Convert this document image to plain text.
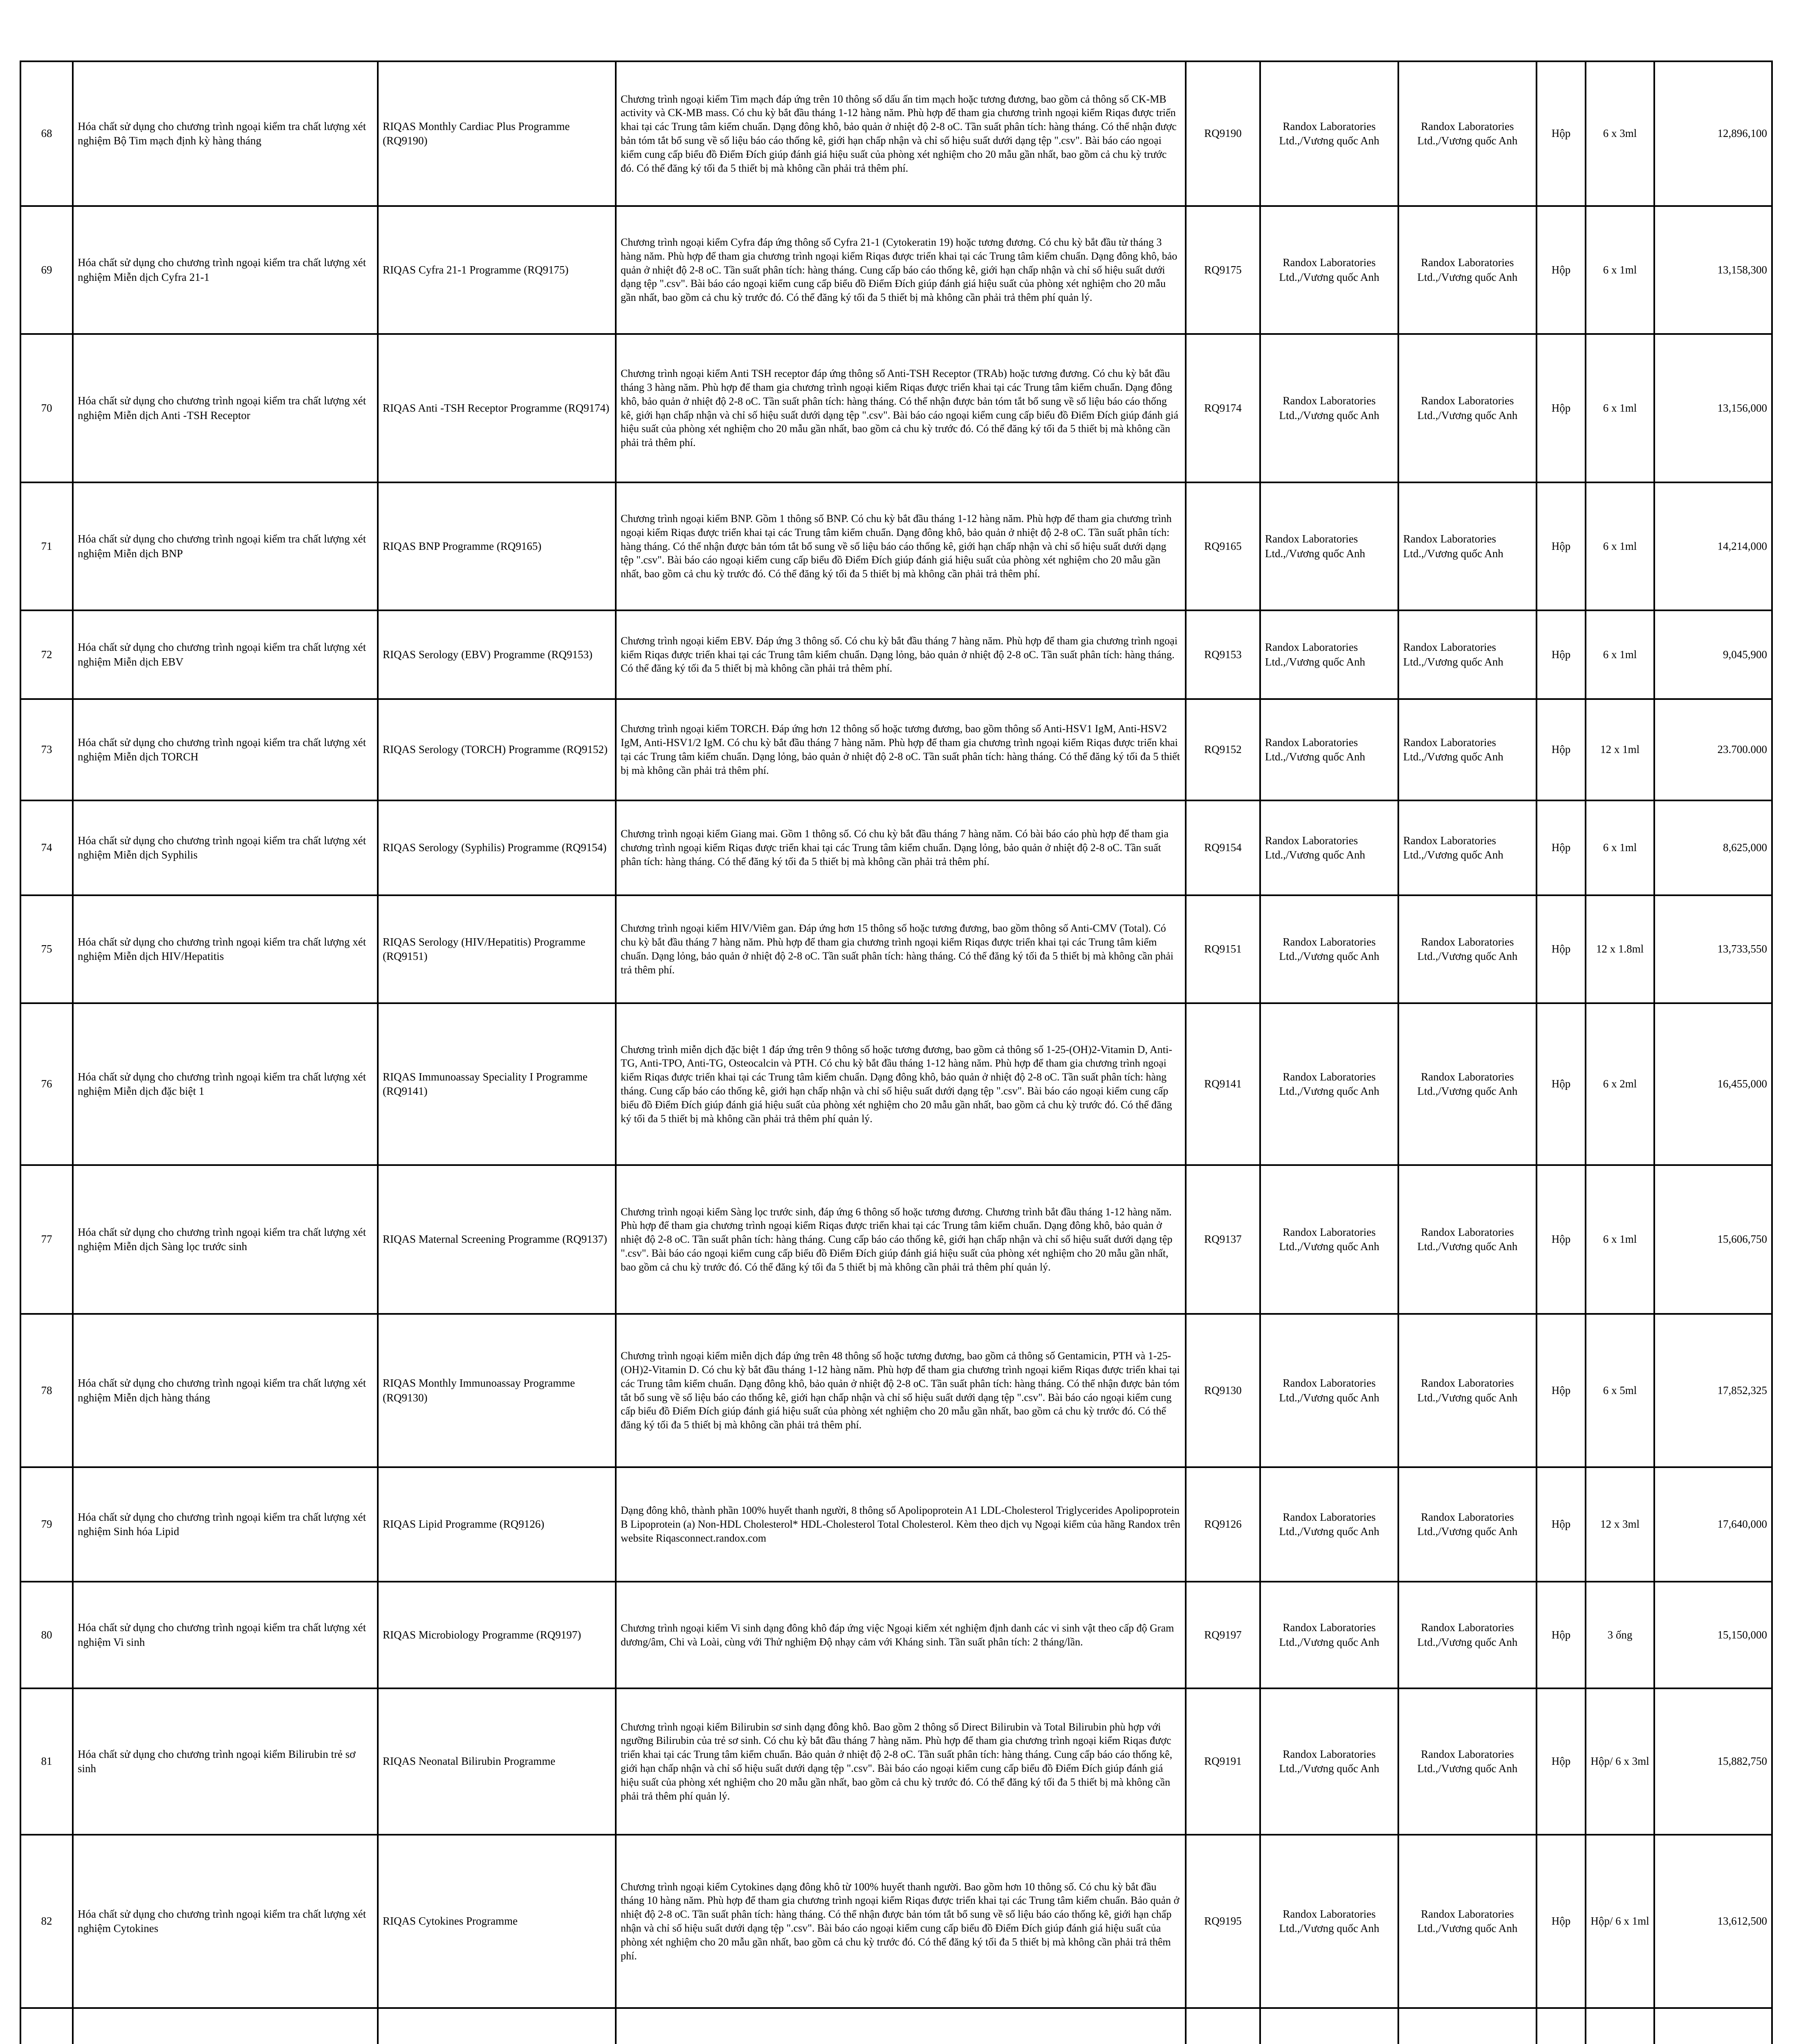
68	Hóa chất sử dụng cho chương trình ngoại kiểm tra chất lượng xét nghiệm Bộ Tim mạch định kỳ hàng tháng	RIQAS Monthly Cardiac Plus Programme (RQ9190)	Chương trình ngoại kiểm Tim mạch đáp ứng trên 10 thông số dấu ấn tim mạch hoặc tương đương, bao gồm cả thông số CK-MB activity và CK-MB mass. Có chu kỳ bắt đầu tháng 1-12 hàng năm. Phù hợp để tham gia chương trình ngoại kiểm Riqas được triển khai tại các Trung tâm kiểm chuẩn. Dạng đông khô, bảo quản ở nhiệt độ 2-8 oC. Tần suất phân tích: hàng tháng. Có thể nhận được bản tóm tắt bổ sung về số liệu báo cáo thống kê, giới hạn chấp nhận và chỉ số hiệu suất dưới dạng tệp ".csv". Bài báo cáo ngoại kiểm cung cấp biểu đồ Điểm Đích giúp đánh giá hiệu suất của phòng xét nghiệm cho 20 mẫu gần nhất, bao gồm cả chu kỳ trước đó. Có thể đăng ký tối đa 5 thiết bị mà không cần phải trả thêm phí.	RQ9190	Randox Laboratories Ltd.,/Vương quốc Anh	Randox Laboratories Ltd.,/Vương quốc Anh	Hộp	6 x 3ml	12,896,100
69	Hóa chất sử dụng cho chương trình ngoại kiểm tra chất lượng xét nghiệm Miễn dịch Cyfra 21-1	RIQAS Cyfra 21-1 Programme (RQ9175)	Chương trình ngoại kiểm Cyfra đáp ứng thông số Cyfra 21-1 (Cytokeratin 19) hoặc tương đương. Có chu kỳ bắt đầu từ tháng 3 hàng năm. Phù hợp để tham gia chương trình ngoại kiểm Riqas được triển khai tại các Trung tâm kiểm chuẩn. Dạng đông khô, bảo quản ở nhiệt độ 2-8 oC. Tần suất phân tích: hàng tháng. Cung cấp báo cáo thống kê, giới hạn chấp nhận và chỉ số hiệu suất dưới dạng tệp ".csv". Bài báo cáo ngoại kiểm cung cấp biểu đồ Điểm Đích giúp đánh giá hiệu suất của phòng xét nghiệm cho 20 mẫu gần nhất, bao gồm cả chu kỳ trước đó. Có thể đăng ký tối đa 5 thiết bị mà không cần phải trả thêm phí quản lý.	RQ9175	Randox Laboratories Ltd.,/Vương quốc Anh	Randox Laboratories Ltd.,/Vương quốc Anh	Hộp	6 x 1ml	13,158,300
70	Hóa chất sử dụng cho chương trình ngoại kiểm tra chất lượng xét nghiệm Miễn dịch Anti -TSH Receptor	RIQAS Anti -TSH Receptor Programme (RQ9174)	Chương trình ngoại kiểm Anti TSH receptor đáp ứng thông số Anti-TSH Receptor (TRAb) hoặc tương đương. Có chu kỳ bắt đầu tháng 3 hàng năm. Phù hợp để tham gia chương trình ngoại kiểm Riqas được triển khai tại các Trung tâm kiểm chuẩn. Dạng đông khô, bảo quản ở nhiệt độ 2-8 oC. Tần suất phân tích: hàng tháng. Có thể nhận được bản tóm tắt bổ sung về số liệu báo cáo thống kê, giới hạn chấp nhận và chỉ số hiệu suất dưới dạng tệp ".csv". Bài báo cáo ngoại kiểm cung cấp biểu đồ Điểm Đích giúp đánh giá hiệu suất của phòng xét nghiệm cho 20 mẫu gần nhất, bao gồm cả chu kỳ trước đó. Có thể đăng ký tối đa 5 thiết bị mà không cần phải trả thêm phí.	RQ9174	Randox Laboratories Ltd.,/Vương quốc Anh	Randox Laboratories Ltd.,/Vương quốc Anh	Hộp	6 x 1ml	13,156,000
71	Hóa chất sử dụng cho chương trình ngoại kiểm tra chất lượng xét nghiệm Miễn dịch BNP	RIQAS BNP Programme (RQ9165)	Chương trình ngoại kiểm BNP. Gồm 1 thông số BNP. Có chu kỳ bắt đầu tháng 1-12 hàng năm. Phù hợp để tham gia chương trình ngoại kiểm Riqas được triển khai tại các Trung tâm kiểm chuẩn. Dạng đông khô, bảo quản ở nhiệt độ 2-8 oC. Tần suất phân tích: hàng tháng. Có thể nhận được bản tóm tắt bổ sung về số liệu báo cáo thống kê, giới hạn chấp nhận và chỉ số hiệu suất dưới dạng tệp ".csv". Bài báo cáo ngoại kiểm cung cấp biểu đồ Điểm Đích giúp đánh giá hiệu suất của phòng xét nghiệm cho 20 mẫu gần nhất, bao gồm cả chu kỳ trước đó. Có thể đăng ký tối đa 5 thiết bị mà không cần phải trả thêm phí.	RQ9165	Randox Laboratories Ltd.,/Vương quốc Anh	Randox Laboratories Ltd.,/Vương quốc Anh	Hộp	6 x 1ml	14,214,000
72	Hóa chất sử dụng cho chương trình ngoại kiểm tra chất lượng xét nghiệm Miễn dịch EBV	RIQAS Serology (EBV) Programme (RQ9153)	Chương trình ngoại kiểm EBV. Đáp ứng 3 thông số. Có chu kỳ bắt đầu tháng 7 hàng năm. Phù hợp để tham gia chương trình ngoại kiểm Riqas được triển khai tại các Trung tâm kiểm chuẩn. Dạng lỏng, bảo quản ở nhiệt độ 2-8 oC. Tần suất phân tích: hàng tháng. Có thể đăng ký tối đa 5 thiết bị mà không cần phải trả thêm phí.	RQ9153	Randox Laboratories Ltd.,/Vương quốc Anh	Randox Laboratories Ltd.,/Vương quốc Anh	Hộp	6 x 1ml	9,045,900
73	Hóa chất sử dụng cho chương trình ngoại kiểm tra chất lượng xét nghiệm Miễn dịch TORCH	RIQAS Serology (TORCH) Programme (RQ9152)	Chương trình ngoại kiểm TORCH. Đáp ứng hơn 12 thông số hoặc tương đương, bao gồm thông số Anti-HSV1 IgM, Anti-HSV2 IgM, Anti-HSV1/2 IgM. Có chu kỳ bắt đầu tháng 7 hàng năm. Phù hợp để tham gia chương trình ngoại kiểm Riqas được triển khai tại các Trung tâm kiểm chuẩn. Dạng lỏng, bảo quản ở nhiệt độ 2-8 oC. Tần suất phân tích: hàng tháng. Có thể đăng ký tối đa 5 thiết bị mà không cần phải trả thêm phí.	RQ9152	Randox Laboratories Ltd.,/Vương quốc Anh	Randox Laboratories Ltd.,/Vương quốc Anh	Hộp	12 x 1ml	23.700.000
74	Hóa chất sử dụng cho chương trình ngoại kiểm tra chất lượng xét nghiệm Miễn dịch Syphilis	RIQAS Serology (Syphilis) Programme (RQ9154)	Chương trình ngoại kiểm Giang mai. Gồm 1 thông số. Có chu kỳ bắt đầu tháng 7 hàng năm. Có bài báo cáo phù hợp để tham gia chương trình ngoại kiểm Riqas được triển khai tại các Trung tâm kiểm chuẩn. Dạng lỏng, bảo quản ở nhiệt độ 2-8 oC. Tần suất phân tích: hàng tháng. Có thể đăng ký tối đa 5 thiết bị mà không cần phải trả thêm phí.	RQ9154	Randox Laboratories Ltd.,/Vương quốc Anh	Randox Laboratories Ltd.,/Vương quốc Anh	Hộp	6 x 1ml	8,625,000
75	Hóa chất sử dụng cho chương trình ngoại kiểm tra chất lượng xét nghiệm Miễn dịch HIV/Hepatitis	RIQAS Serology (HIV/Hepatitis) Programme (RQ9151)	Chương trình ngoại kiểm HIV/Viêm gan. Đáp ứng hơn 15 thông số hoặc tương đương, bao gồm thông số Anti-CMV (Total). Có chu kỳ bắt đầu tháng 7 hàng năm. Phù hợp để tham gia chương trình ngoại kiểm Riqas được triển khai tại các Trung tâm kiểm chuẩn. Dạng lỏng, bảo quản ở nhiệt độ 2-8 oC. Tần suất phân tích: hàng tháng. Có thể đăng ký tối đa 5 thiết bị mà không cần phải trả thêm phí.	RQ9151	Randox Laboratories Ltd.,/Vương quốc Anh	Randox Laboratories Ltd.,/Vương quốc Anh	Hộp	12 x 1.8ml	13,733,550
76	Hóa chất sử dụng cho chương trình ngoại kiểm tra chất lượng xét nghiệm Miễn dịch đặc biệt 1	RIQAS Immunoassay Speciality I Programme (RQ9141)	Chương trình miễn dịch đặc biệt 1 đáp ứng trên 9 thông số hoặc tương đương, bao gồm cả thông số 1-25-(OH)2-Vitamin D, Anti-TG, Anti-TPO, Anti-TG, Osteocalcin và PTH. Có chu kỳ bắt đầu tháng 1-12 hàng năm. Phù hợp để tham gia chương trình ngoại kiểm Riqas được triển khai tại các Trung tâm kiểm chuẩn. Dạng đông khô, bảo quản ở nhiệt độ 2-8 oC. Tần suất phân tích: hàng tháng. Cung cấp báo cáo thống kê, giới hạn chấp nhận và chỉ số hiệu suất dưới dạng tệp ".csv". Bài báo cáo ngoại kiểm cung cấp biểu đồ Điểm Đích giúp đánh giá hiệu suất của phòng xét nghiệm cho 20 mẫu gần nhất, bao gồm cả chu kỳ trước đó. Có thể đăng ký tối đa 5 thiết bị mà không cần phải trả thêm phí quản lý.	RQ9141	Randox Laboratories Ltd.,/Vương quốc Anh	Randox Laboratories Ltd.,/Vương quốc Anh	Hộp	6 x 2ml	16,455,000
77	Hóa chất sử dụng cho chương trình ngoại kiểm tra chất lượng xét nghiệm Miễn dịch Sàng lọc trước sinh	RIQAS Maternal Screening Programme (RQ9137)	Chương trình ngoại kiểm Sàng lọc trước sinh, đáp ứng 6 thông số hoặc tương đương. Chương trình bắt đầu tháng 1-12 hàng năm. Phù hợp để tham gia chương trình ngoại kiểm Riqas được triển khai tại các Trung tâm kiểm chuẩn. Dạng đông khô, bảo quản ở nhiệt độ 2-8 oC. Tần suất phân tích: hàng tháng. Cung cấp báo cáo thống kê, giới hạn chấp nhận và chỉ số hiệu suất dưới dạng tệp ".csv". Bài báo cáo ngoại kiểm cung cấp biểu đồ Điểm Đích giúp đánh giá hiệu suất của phòng xét nghiệm cho 20 mẫu gần nhất, bao gồm cả chu kỳ trước đó. Có thể đăng ký tối đa 5 thiết bị mà không cần phải trả thêm phí quản lý.	RQ9137	Randox Laboratories Ltd.,/Vương quốc Anh	Randox Laboratories Ltd.,/Vương quốc Anh	Hộp	6 x 1ml	15,606,750
78	Hóa chất sử dụng cho chương trình ngoại kiểm tra chất lượng xét nghiệm Miễn dịch hàng tháng	RIQAS Monthly Immunoassay Programme (RQ9130)	Chương trình ngoại kiểm miễn dịch đáp ứng trên 48 thông số hoặc tương đương, bao gồm cả thông số Gentamicin, PTH và 1-25-(OH)2-Vitamin D. Có chu kỳ bắt đầu tháng 1-12 hàng năm. Phù hợp để tham gia chương trình ngoại kiểm Riqas được triển khai tại các Trung tâm kiểm chuẩn. Dạng đông khô, bảo quản ở nhiệt độ 2-8 oC. Tần suất phân tích: hàng tháng. Có thể nhận được bản tóm tắt bổ sung về số liệu báo cáo thống kê, giới hạn chấp nhận và chỉ số hiệu suất dưới dạng tệp ".csv". Bài báo cáo ngoại kiểm cung cấp biểu đồ Điểm Đích giúp đánh giá hiệu suất của phòng xét nghiệm cho 20 mẫu gần nhất, bao gồm cả chu kỳ trước đó. Có thể đăng ký tối đa 5 thiết bị mà không cần phải trả thêm phí.	RQ9130	Randox Laboratories Ltd.,/Vương quốc Anh	Randox Laboratories Ltd.,/Vương quốc Anh	Hộp	6 x 5ml	17,852,325
79	Hóa chất sử dụng cho chương trình ngoại kiểm tra chất lượng xét nghiệm Sinh hóa Lipid	RIQAS Lipid Programme (RQ9126)	Dạng đông khô, thành phần 100% huyết thanh người, 8 thông số Apolipoprotein A1 LDL-Cholesterol Triglycerides Apolipoprotein B Lipoprotein (a) Non-HDL Cholesterol* HDL-Cholesterol Total Cholesterol. Kèm theo dịch vụ Ngoại kiểm của hãng Randox trên website Riqasconnect.randox.com	RQ9126	Randox Laboratories Ltd.,/Vương quốc Anh	Randox Laboratories Ltd.,/Vương quốc Anh	Hộp	12 x 3ml	17,640,000
80	Hóa chất sử dụng cho chương trình ngoại kiểm tra chất lượng xét nghiệm Vi sinh	RIQAS Microbiology Programme (RQ9197)	Chương trình ngoại kiểm Vi sinh dạng đông khô đáp ứng việc Ngoại kiểm xét nghiệm định danh các vi sinh vật theo cấp độ Gram dương/âm, Chi và Loài, cùng với Thử nghiệm Độ nhạy cảm với Kháng sinh. Tần suất phân tích: 2 tháng/lần.	RQ9197	Randox Laboratories Ltd.,/Vương quốc Anh	Randox Laboratories Ltd.,/Vương quốc Anh	Hộp	3 ống	15,150,000
81	Hóa chất sử dụng cho chương trình ngoại kiểm Bilirubin trẻ sơ sinh	RIQAS Neonatal Bilirubin Programme	Chương trình ngoại kiểm Bilirubin sơ sinh dạng đông khô. Bao gồm 2 thông số Direct Bilirubin và Total Bilirubin phù hợp với ngưỡng Bilirubin của trẻ sơ sinh. Có chu kỳ bắt đầu tháng 7 hàng năm. Phù hợp để tham gia chương trình ngoại kiểm Riqas được triển khai tại các Trung tâm kiểm chuẩn. Bảo quản ở nhiệt độ 2-8 oC. Tần suất phân tích: hàng tháng. Cung cấp báo cáo thống kê, giới hạn chấp nhận và chỉ số hiệu suất dưới dạng tệp ".csv". Bài báo cáo ngoại kiểm cung cấp biểu đồ Điểm Đích giúp đánh giá hiệu suất của phòng xét nghiệm cho 20 mẫu gần nhất, bao gồm cả chu kỳ trước đó. Có thể đăng ký tối đa 5 thiết bị mà không cần phải trả thêm phí quản lý.	RQ9191	Randox Laboratories Ltd.,/Vương quốc Anh	Randox Laboratories Ltd.,/Vương quốc Anh	Hộp	Hộp/ 6 x 3ml	15,882,750
82	Hóa chất sử dụng cho chương trình ngoại kiểm tra chất lượng xét nghiệm Cytokines	RIQAS Cytokines Programme	Chương trình ngoại kiểm Cytokines dạng đông khô từ 100% huyết thanh người. Bao gồm hơn 10 thông số. Có chu kỳ bắt đầu tháng 10 hàng năm. Phù hợp để tham gia chương trình ngoại kiểm Riqas được triển khai tại các Trung tâm kiểm chuẩn. Bảo quản ở nhiệt độ 2-8 oC. Tần suất phân tích: hàng tháng. Có thể nhận được bản tóm tắt bổ sung về số liệu báo cáo thống kê, giới hạn chấp nhận và chỉ số hiệu suất dưới dạng tệp ".csv". Bài báo cáo ngoại kiểm cung cấp biểu đồ Điểm Đích giúp đánh giá hiệu suất của phòng xét nghiệm cho 20 mẫu gần nhất, bao gồm cả chu kỳ trước đó. Có thể đăng ký tối đa 5 thiết bị mà không cần phải trả thêm phí.	RQ9195	Randox Laboratories Ltd.,/Vương quốc Anh	Randox Laboratories Ltd.,/Vương quốc Anh	Hộp	Hộp/ 6 x 1ml	13,612,500
